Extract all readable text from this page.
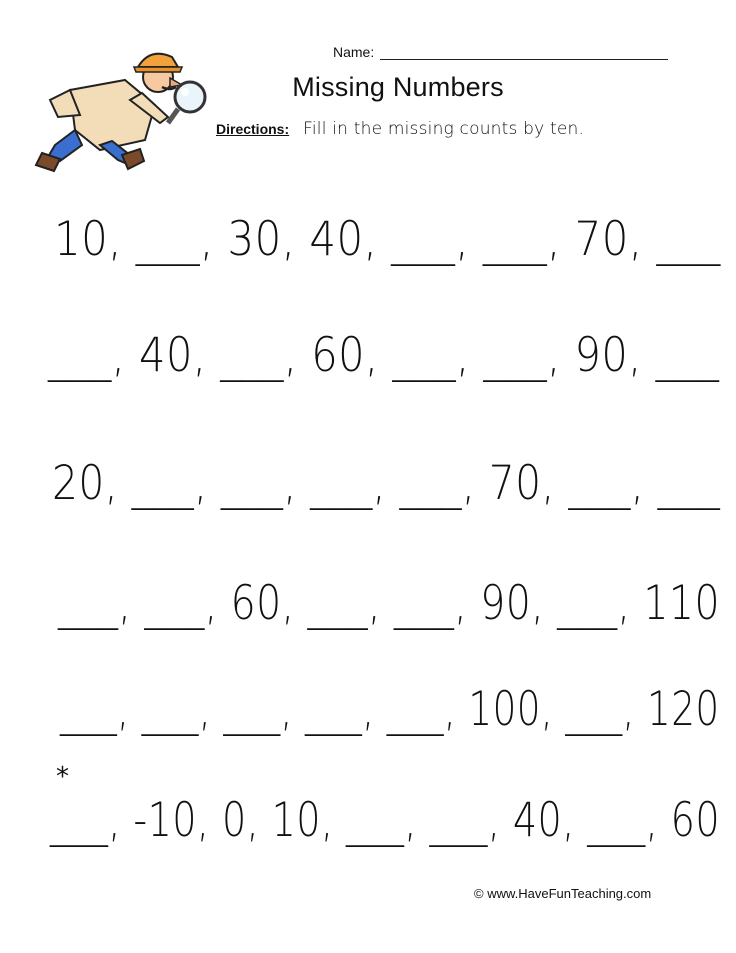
Name:
Missing Numbers
Directions: Fill in the missing counts by ten.
10, ___, 30, 40, ___, ___, 70, ___
___, 40, ___, 60, ___, ___, 90, ___
20, ___, ___, ___, ___, 70, ___, ___
___, ___, 60, ___, ___, 90, ___, 110
___, ___, ___, ___, ___, 100, ___, 120
*
___, -10, 0, 10, ___, ___, 40, ___, 60
© www.HaveFunTeaching.com
